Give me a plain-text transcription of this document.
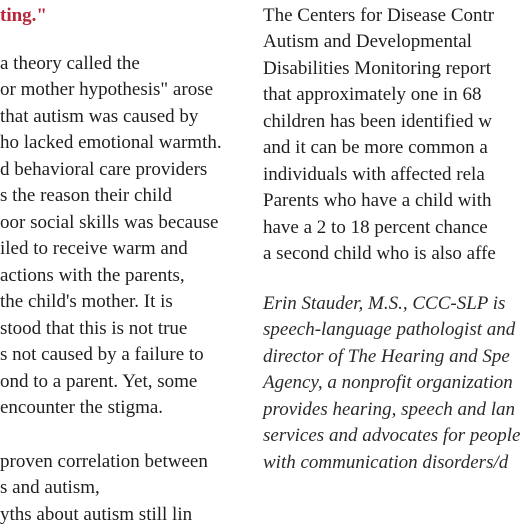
ting."
a theory called the
or mother hypothesis" arose
that autism was caused by
ho lacked emotional warmth.
d behavioral care providers
s the reason their child
oor social skills was because
iled to receive warm and
actions with the parents,
the child's mother. It is
stood that this is not true
s not caused by a failure to
ond to a parent. Yet, some
encounter the stigma.
proven correlation between
s and autism,
yths about autism still lin
The Centers for Disease Contr
Autism and Developmental
Disabilities Monitoring report
that approximately one in 68
children has been identified w
and it can be more common a
individuals with affected rela
Parents who have a child with
have a 2 to 18 percent chance
a second child who is also affe
Erin Stauder, M.S., CCC-SLP is
speech-language pathologist and
director of The Hearing and Spe
Agency, a nonprofit organization
provides hearing, speech and lan
services and advocates for people
with communication disorders/d
